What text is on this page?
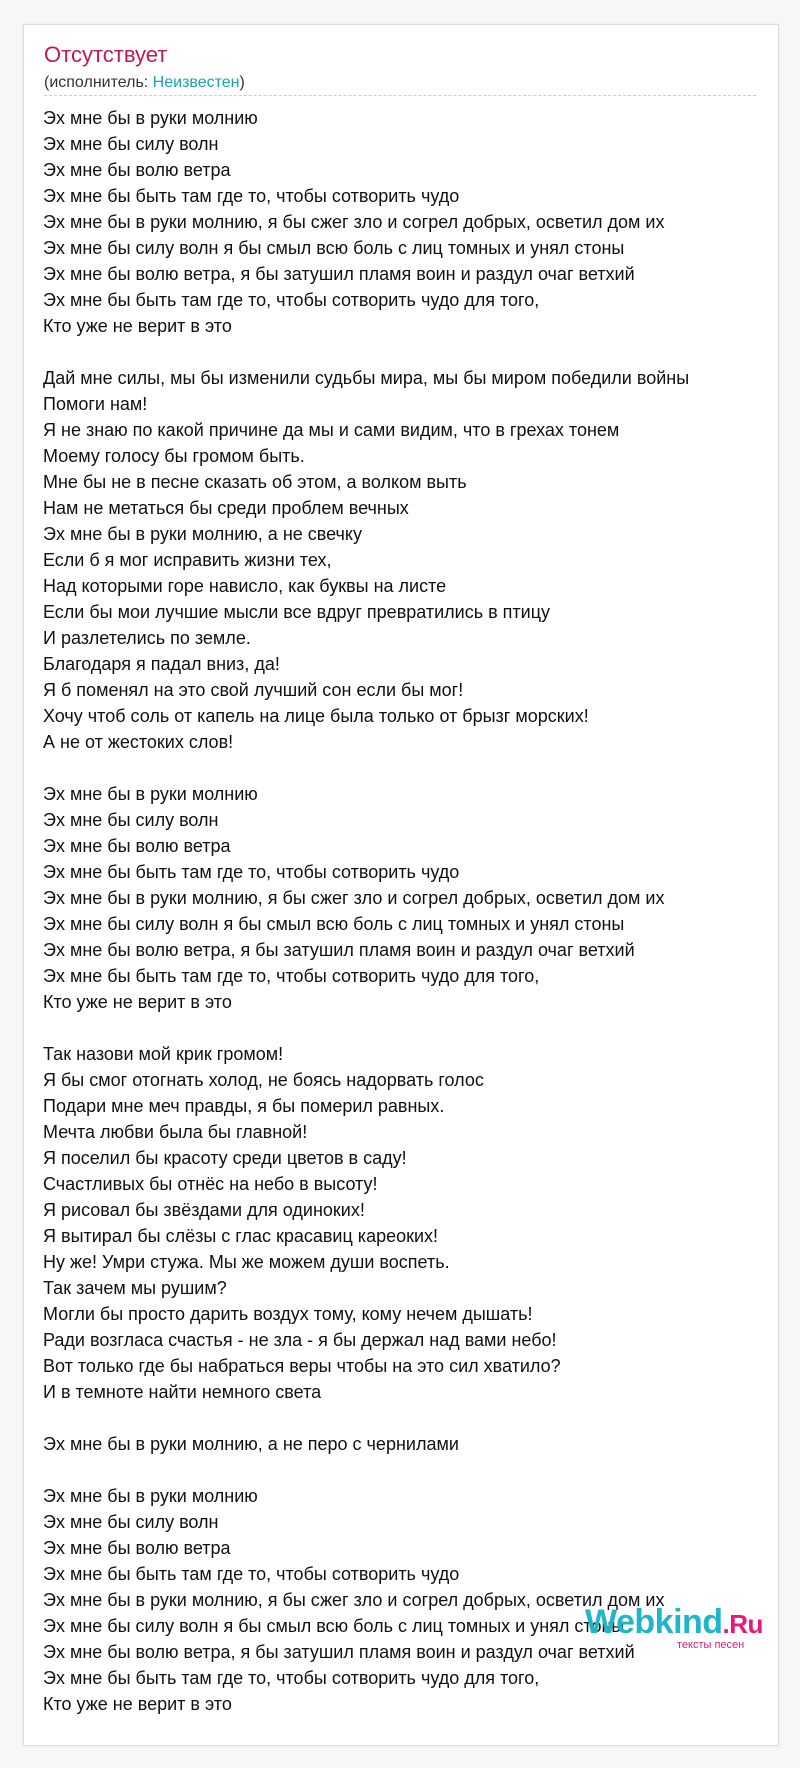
Отсутствует
(исполнитель: Неизвестен)
Эх мне бы в руки молнию
Эх мне бы силу волн
Эх мне бы волю ветра
Эх мне бы быть там где то, чтобы сотворить чудо
Эх мне бы в руки молнию, я бы сжег зло и согрел добрых, осветил дом их
Эх мне бы силу волн я бы смыл всю боль с лиц томных и унял стоны
Эх мне бы волю ветра, я бы затушил пламя воин и раздул очаг ветхий
Эх мне бы быть там где то, чтобы сотворить чудо для того,
Кто уже не верит в это
Дай мне силы, мы бы изменили судьбы мира, мы бы миром победили войны
Помоги нам!
Я не знаю по какой причине да мы и сами видим, что в грехах тонем
Моему голосу бы громом быть.
Мне бы не в песне сказать об этом, а волком выть
Нам не метаться бы среди проблем вечных
Эх мне бы в руки молнию, а не свечку
Если б я мог исправить жизни тех,
Над которыми горе нависло, как буквы на листе
Если бы мои лучшие мысли все вдруг превратились в птицу
И разлетелись по земле.
Благодаря я падал вниз, да!
Я б поменял на это свой лучший сон если бы мог!
Хочу чтоб соль от капель на лице была только от брызг морских!
А не от жестоких слов!
Эх мне бы в руки молнию
Эх мне бы силу волн
Эх мне бы волю ветра
Эх мне бы быть там где то, чтобы сотворить чудо
Эх мне бы в руки молнию, я бы сжег зло и согрел добрых, осветил дом их
Эх мне бы силу волн я бы смыл всю боль с лиц томных и унял стоны
Эх мне бы волю ветра, я бы затушил пламя воин и раздул очаг ветхий
Эх мне бы быть там где то, чтобы сотворить чудо для того,
Кто уже не верит в это
Так назови мой крик громом!
Я бы смог отогнать холод, не боясь надорвать голос
Подари мне меч правды, я бы померил равных.
Мечта любви была бы главной!
Я поселил бы красоту среди цветов в саду!
Счастливых бы отнёс на небо в высоту!
Я рисовал бы звёздами для одиноких!
Я вытирал бы слёзы с глас красавиц кареоких!
Ну же! Умри стужа. Мы же можем души воспеть.
Так зачем мы рушим?
Могли бы просто дарить воздух тому, кому нечем дышать!
Ради возгласа счастья - не зла - я бы держал над вами небо!
Вот только где бы набраться веры чтобы на это сил хватило?
И в темноте найти немного света
Эх мне бы в руки молнию, а не перо с чернилами
Эх мне бы в руки молнию
Эх мне бы силу волн
Эх мне бы волю ветра
Эх мне бы быть там где то, чтобы сотворить чудо
Эх мне бы в руки молнию, я бы сжег зло и согрел добрых, осветил дом их
Эх мне бы силу волн я бы смыл всю боль с лиц томных и унял стоны
Эх мне бы волю ветра, я бы затушил пламя воин и раздул очаг ветхий
Эх мне бы быть там где то, чтобы сотворить чудо для того,
Кто уже не верит в это
Webkind.Ru
тексты песен
